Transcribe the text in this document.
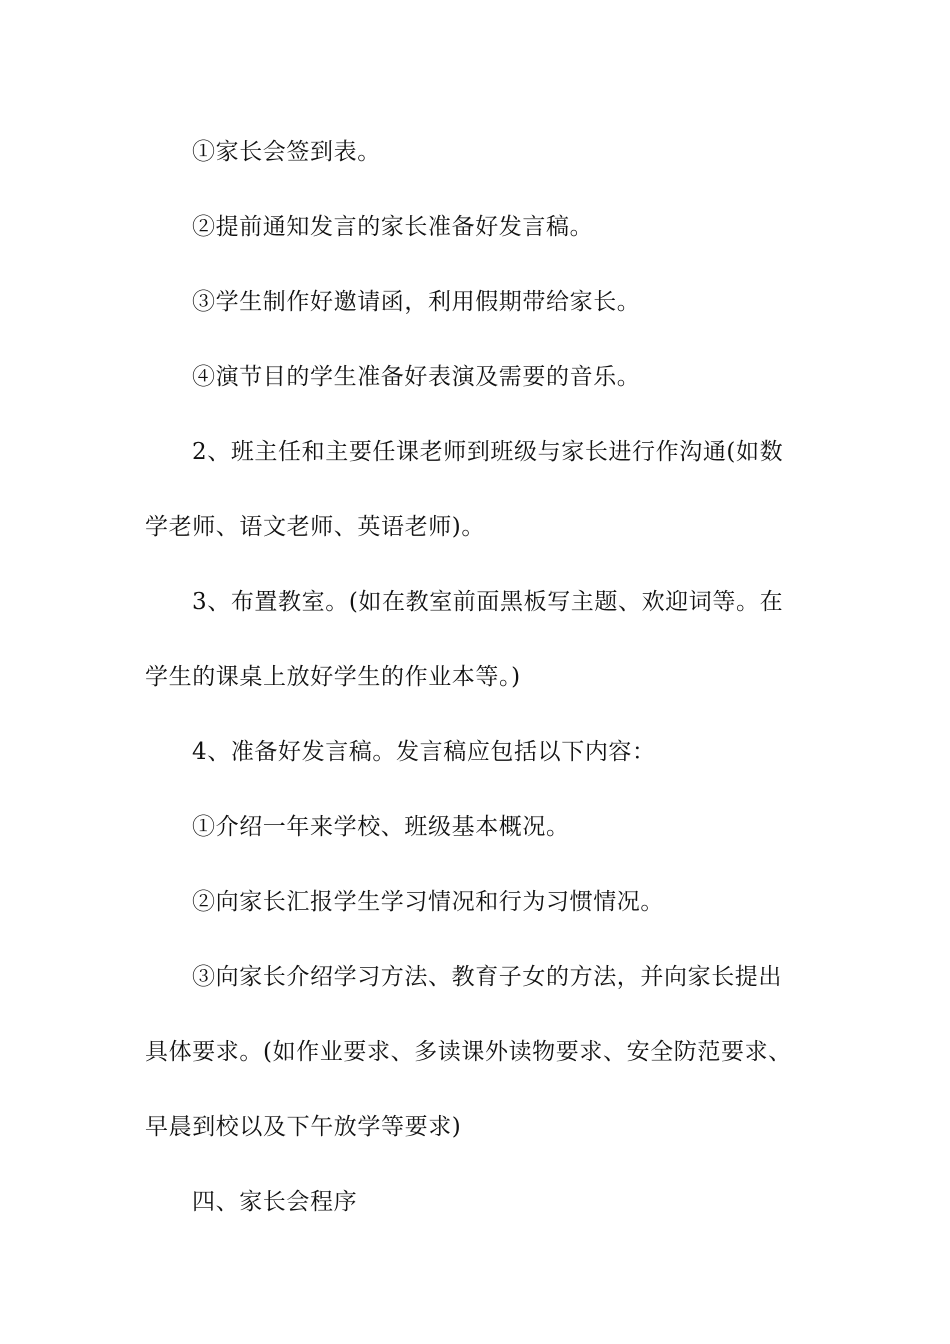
①家长会签到表。
②提前通知发言的家长准备好发言稿。
③学生制作好邀请函，利用假期带给家长。
④演节目的学生准备好表演及需要的音乐。
2、班主任和主要任课老师到班级与家长进行作沟通(如数
学老师、语文老师、英语老师)。
3、布置教室。(如在教室前面黑板写主题、欢迎词等。在
学生的课桌上放好学生的作业本等。)
4、准备好发言稿。发言稿应包括以下内容：
①介绍一年来学校、班级基本概况。
②向家长汇报学生学习情况和行为习惯情况。
③向家长介绍学习方法、教育子女的方法，并向家长提出
具体要求。(如作业要求、多读课外读物要求、安全防范要求、
早晨到校以及下午放学等要求)
四、家长会程序
